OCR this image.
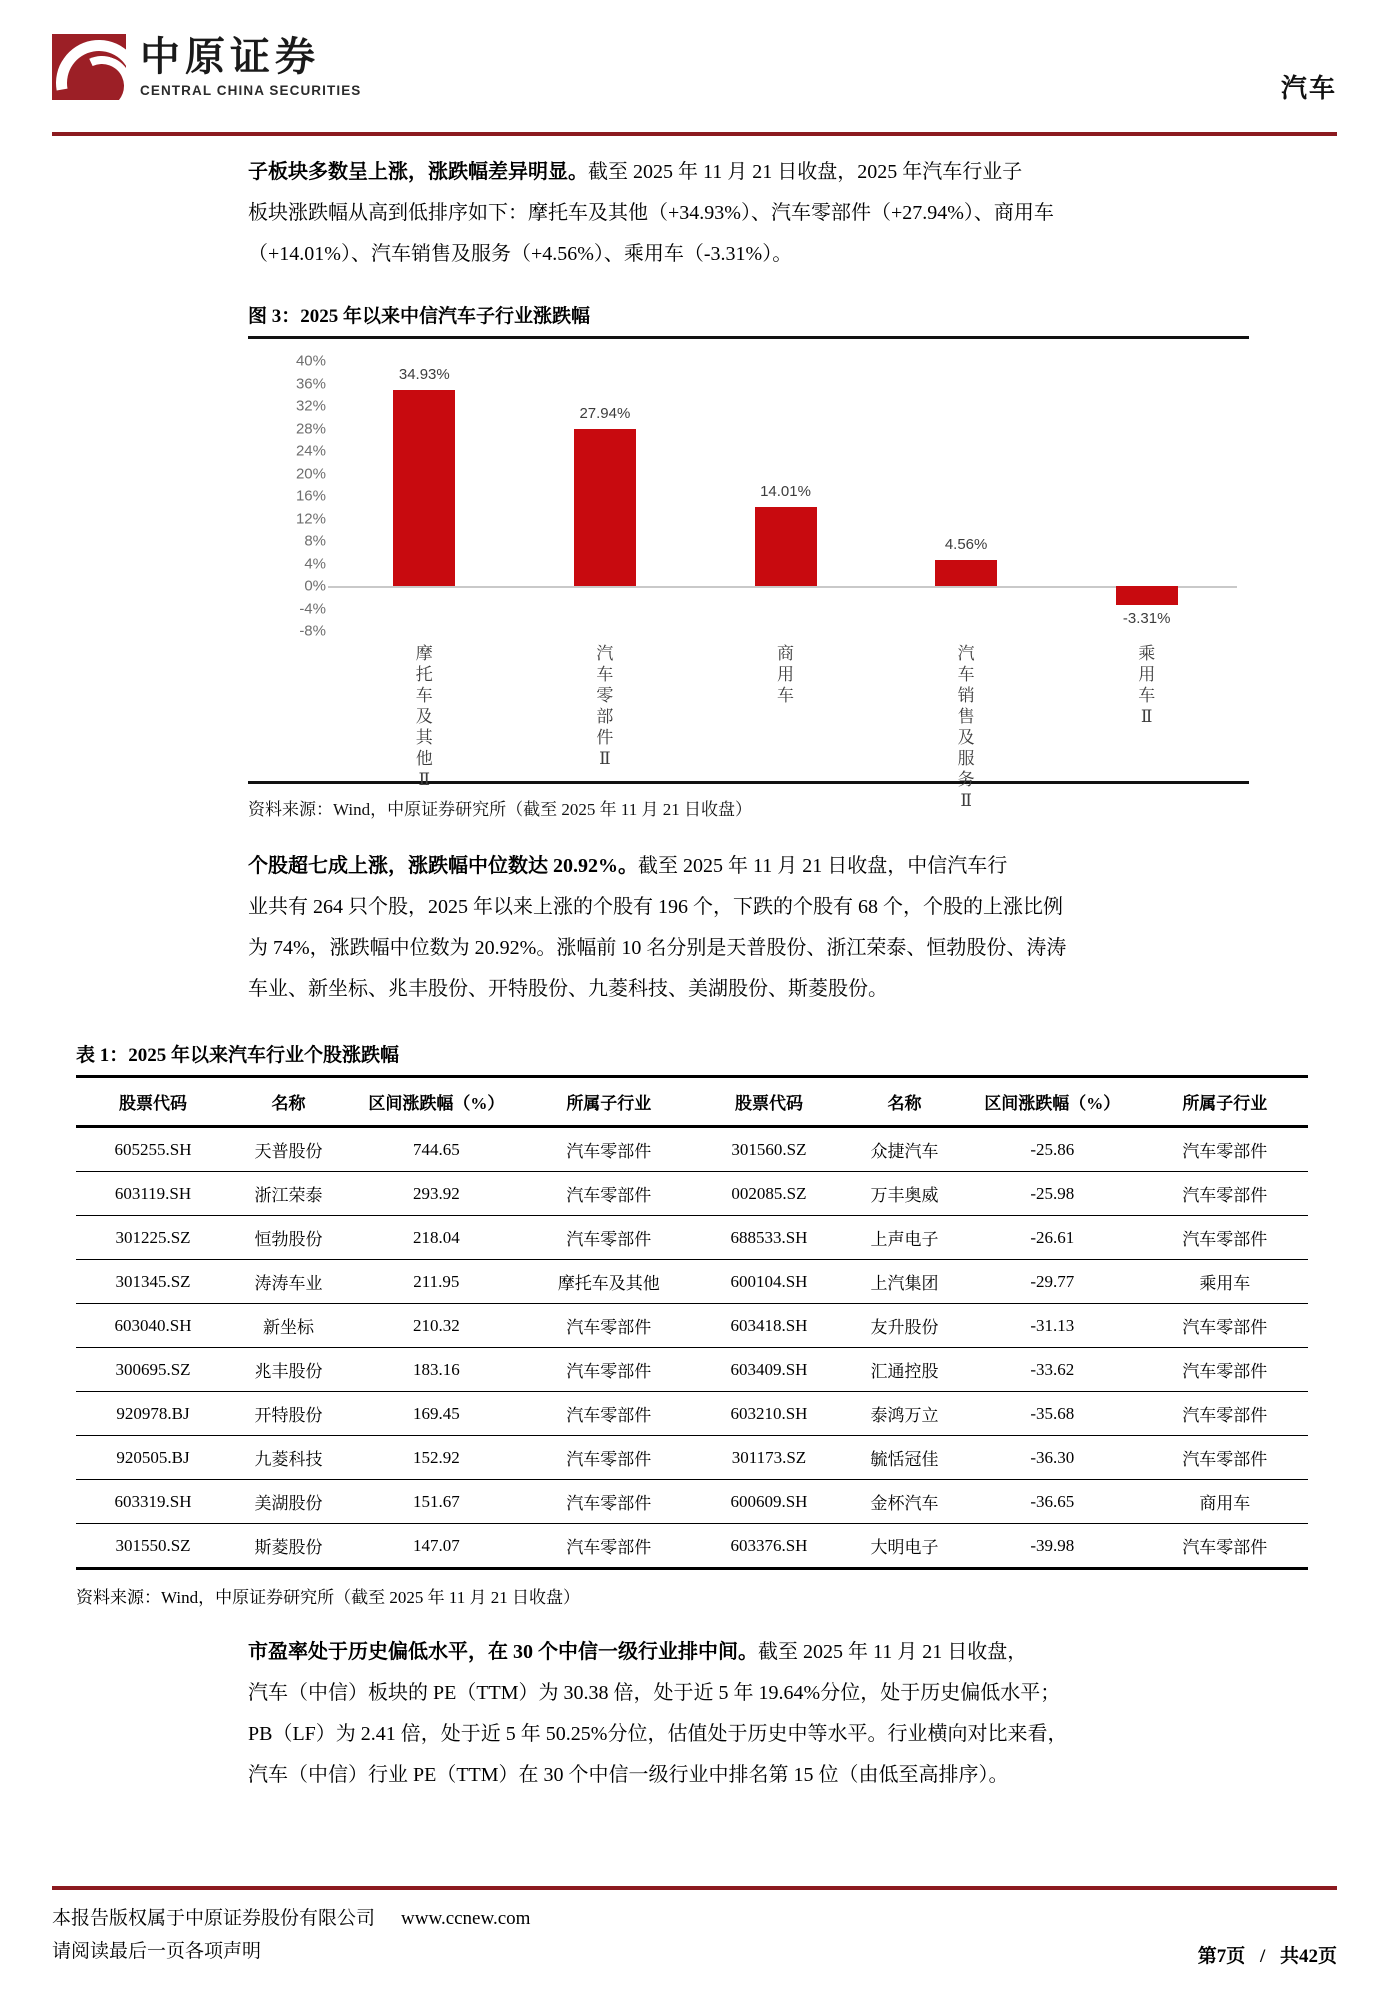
中原证券
CENTRAL CHINA SECURITIES	汽车
子板块多数呈上涨，涨跌幅差异明显。截至 2025 年 11 月 21 日收盘，2025 年汽车行业子
板块涨跌幅从高到低排序如下：摩托车及其他（+34.93%）、汽车零部件（+27.94%）、商用车
（+14.01%）、汽车销售及服务（+4.56%）、乘用车（-3.31%）。
图 3：2025 年以来中信汽车子行业涨跌幅
40%
36%
32%
28%
24%
20%
16%
12%
8%
4%
0%
-4%
-8%
34.93%
27.94%
14.01%
4.56%
-3.31%
摩
托
车
及
其
他
Ⅱ
汽
车
零
部
件
Ⅱ
商
用
车
汽
车
销
售
及
服
务
Ⅱ
乘
用
车
Ⅱ
资料来源：Wind，中原证券研究所（截至 2025 年 11 月 21 日收盘）
个股超七成上涨，涨跌幅中位数达 20.92%。截至 2025 年 11 月 21 日收盘，中信汽车行
业共有 264 只个股，2025 年以来上涨的个股有 196 个，下跌的个股有 68 个，个股的上涨比例
为 74%，涨跌幅中位数为 20.92%。涨幅前 10 名分别是天普股份、浙江荣泰、恒勃股份、涛涛
车业、新坐标、兆丰股份、开特股份、九菱科技、美湖股份、斯菱股份。
表 1：2025 年以来汽车行业个股涨跌幅
股票代码	名称	区间涨跌幅（%）	所属子行业	股票代码	名称	区间涨跌幅（%）	所属子行业
605255.SH	天普股份	744.65	汽车零部件	301560.SZ	众捷汽车	-25.86	汽车零部件
603119.SH	浙江荣泰	293.92	汽车零部件	002085.SZ	万丰奥威	-25.98	汽车零部件
301225.SZ	恒勃股份	218.04	汽车零部件	688533.SH	上声电子	-26.61	汽车零部件
301345.SZ	涛涛车业	211.95	摩托车及其他	600104.SH	上汽集团	-29.77	乘用车
603040.SH	新坐标	210.32	汽车零部件	603418.SH	友升股份	-31.13	汽车零部件
300695.SZ	兆丰股份	183.16	汽车零部件	603409.SH	汇通控股	-33.62	汽车零部件
920978.BJ	开特股份	169.45	汽车零部件	603210.SH	泰鸿万立	-35.68	汽车零部件
920505.BJ	九菱科技	152.92	汽车零部件	301173.SZ	毓恬冠佳	-36.30	汽车零部件
603319.SH	美湖股份	151.67	汽车零部件	600609.SH	金杯汽车	-36.65	商用车
301550.SZ	斯菱股份	147.07	汽车零部件	603376.SH	大明电子	-39.98	汽车零部件
资料来源：Wind，中原证券研究所（截至 2025 年 11 月 21 日收盘）
市盈率处于历史偏低水平，在 30 个中信一级行业排中间。截至 2025 年 11 月 21 日收盘，
汽车（中信）板块的 PE（TTM）为 30.38 倍，处于近 5 年 19.64%分位，处于历史偏低水平；
PB（LF）为 2.41 倍，处于近 5 年 50.25%分位，估值处于历史中等水平。行业横向对比来看，
汽车（中信）行业 PE（TTM）在 30 个中信一级行业中排名第 15 位（由低至高排序）。
本报告版权属于中原证券股份有限公司 www.ccnew.com
请阅读最后一页各项声明	第7页 / 共42页
